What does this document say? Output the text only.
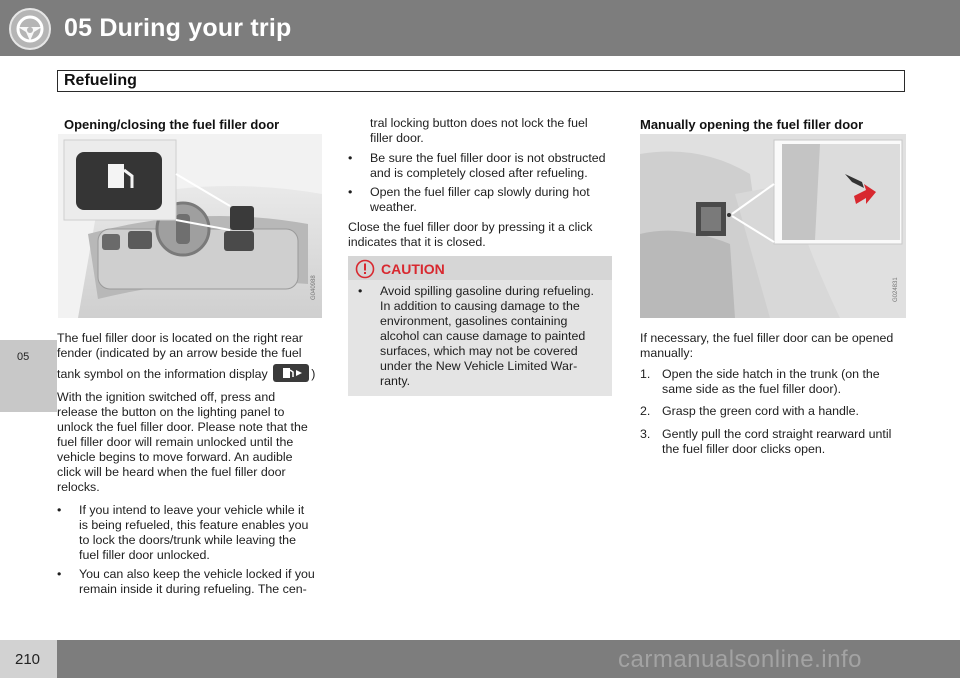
05 During your trip
Refueling
05
Opening/closing the fuel filler door
G040988
The fuel filler door is located on the right rear
fender (indicated by an arrow beside the fuel
tank symbol on the information display	)
With the ignition switched off, press and
release the button on the lighting panel to
unlock the fuel filler door. Please note that the
fuel filler door will remain unlocked until the
vehicle begins to move forward. An audible
click will be heard when the fuel filler door
relocks.
•	If you intend to leave your vehicle while it
is being refueled, this feature enables you
to lock the doors/trunk while leaving the
fuel filler door unlocked.
•	You can also keep the vehicle locked if you
remain inside it during refueling. The cen-
tral locking button does not lock the fuel
filler door.
•	Be sure the fuel filler door is not obstructed
and is completely closed after refueling.
•	Open the fuel filler cap slowly during hot
weather.
Close the fuel filler door by pressing it a click
indicates that it is closed.
CAUTION
•	Avoid spilling gasoline during refueling.
In addition to causing damage to the
environment, gasolines containing
alcohol can cause damage to painted
surfaces, which may not be covered
under the New Vehicle Limited War-
ranty.
Manually opening the fuel filler door
G024831
If necessary, the fuel filler door can be opened
manually:
1. Open the side hatch in the trunk (on the
same side as the fuel filler door).
2. Grasp the green cord with a handle.
3. Gently pull the cord straight rearward until
the fuel filler door clicks open.
210	carmanualsonline.info
